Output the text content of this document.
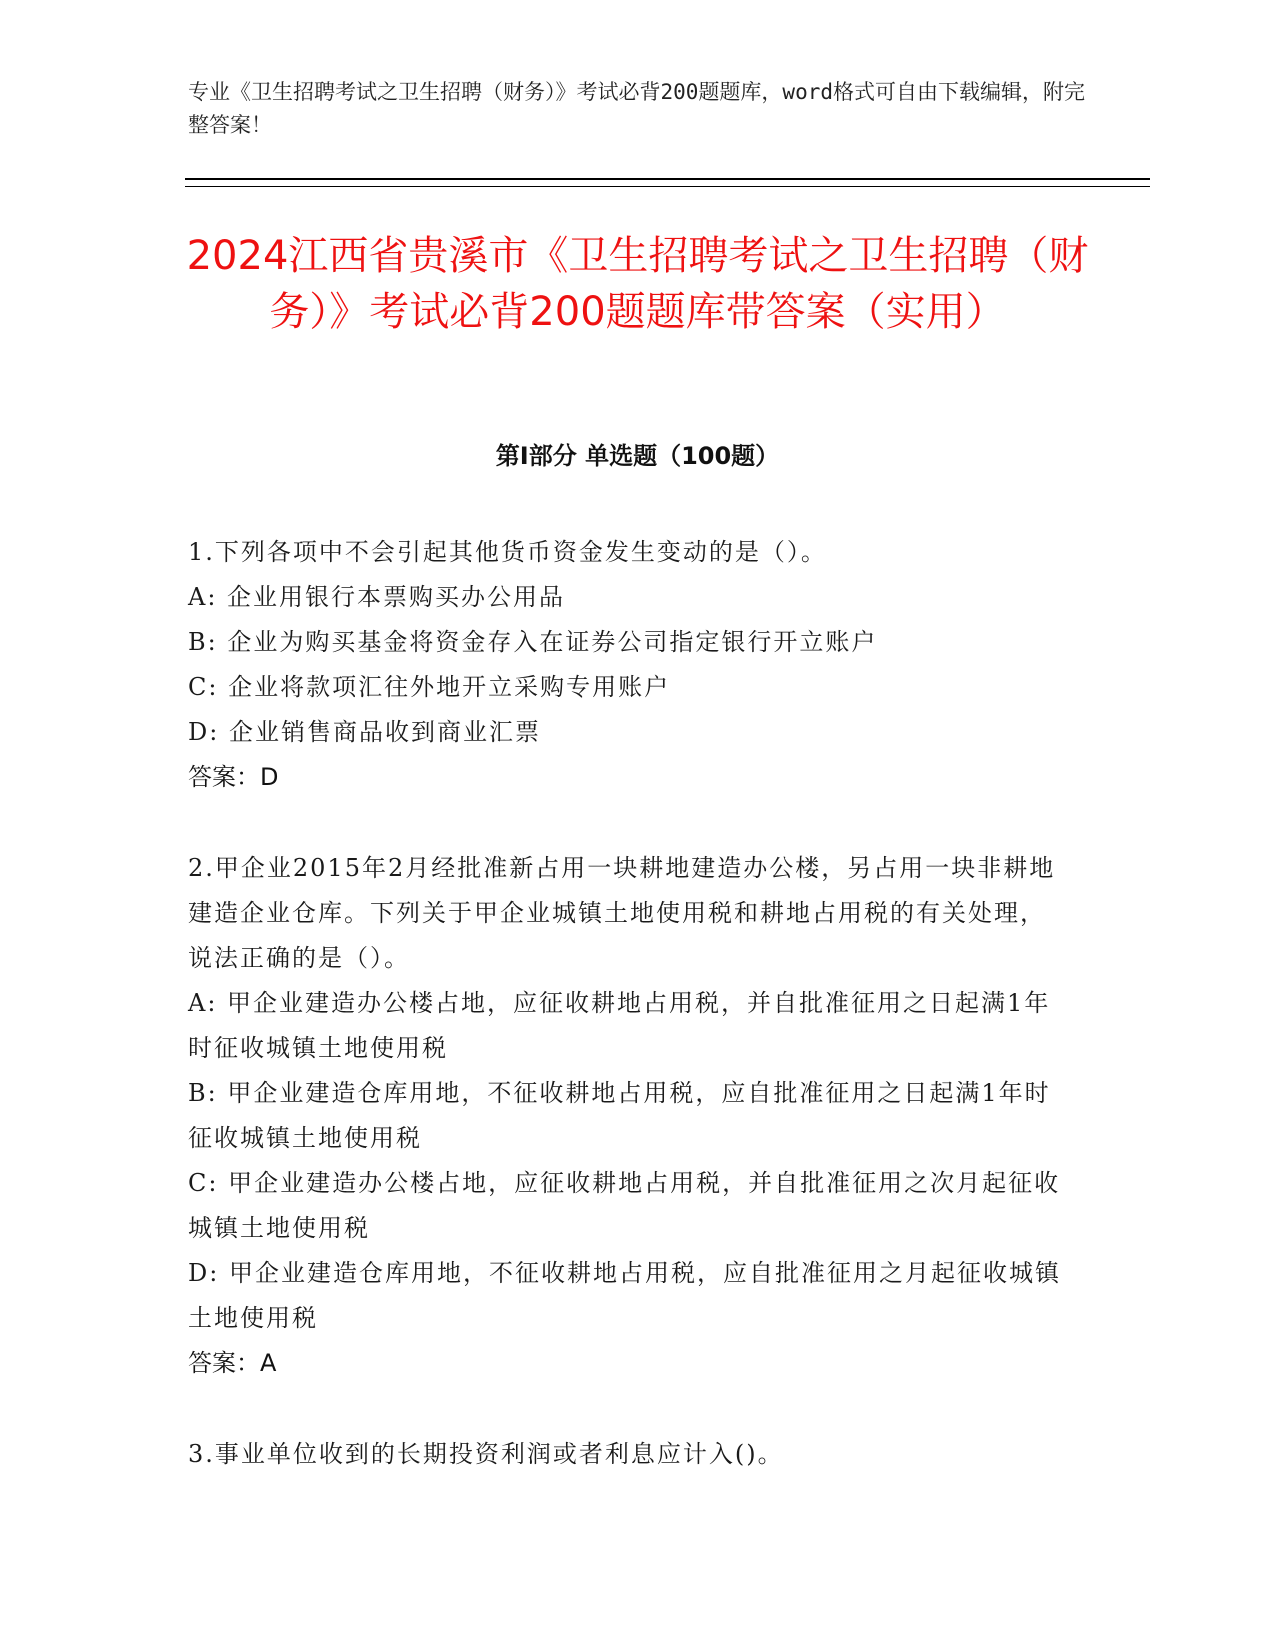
专业《卫生招聘考试之卫生招聘（财务）》考试必背200题题库，word格式可自由下载编辑，附完整答案！
2024江西省贵溪市《卫生招聘考试之卫生招聘（财务）》考试必背200题题库带答案（实用）
第I部分 单选题（100题）
1.下列各项中不会引起其他货币资金发生变动的是（）。
A: 企业用银行本票购买办公用品
B: 企业为购买基金将资金存入在证券公司指定银行开立账户
C: 企业将款项汇往外地开立采购专用账户
D: 企业销售商品收到商业汇票
答案：D
2.甲企业2015年2月经批准新占用一块耕地建造办公楼，另占用一块非耕地建造企业仓库。下列关于甲企业城镇土地使用税和耕地占用税的有关处理，说法正确的是（）。
A: 甲企业建造办公楼占地，应征收耕地占用税，并自批准征用之日起满1年时征收城镇土地使用税
B: 甲企业建造仓库用地，不征收耕地占用税，应自批准征用之日起满1年时征收城镇土地使用税
C: 甲企业建造办公楼占地，应征收耕地占用税，并自批准征用之次月起征收城镇土地使用税
D: 甲企业建造仓库用地，不征收耕地占用税，应自批准征用之月起征收城镇土地使用税
答案：A
3.事业单位收到的长期投资利润或者利息应计入()。
